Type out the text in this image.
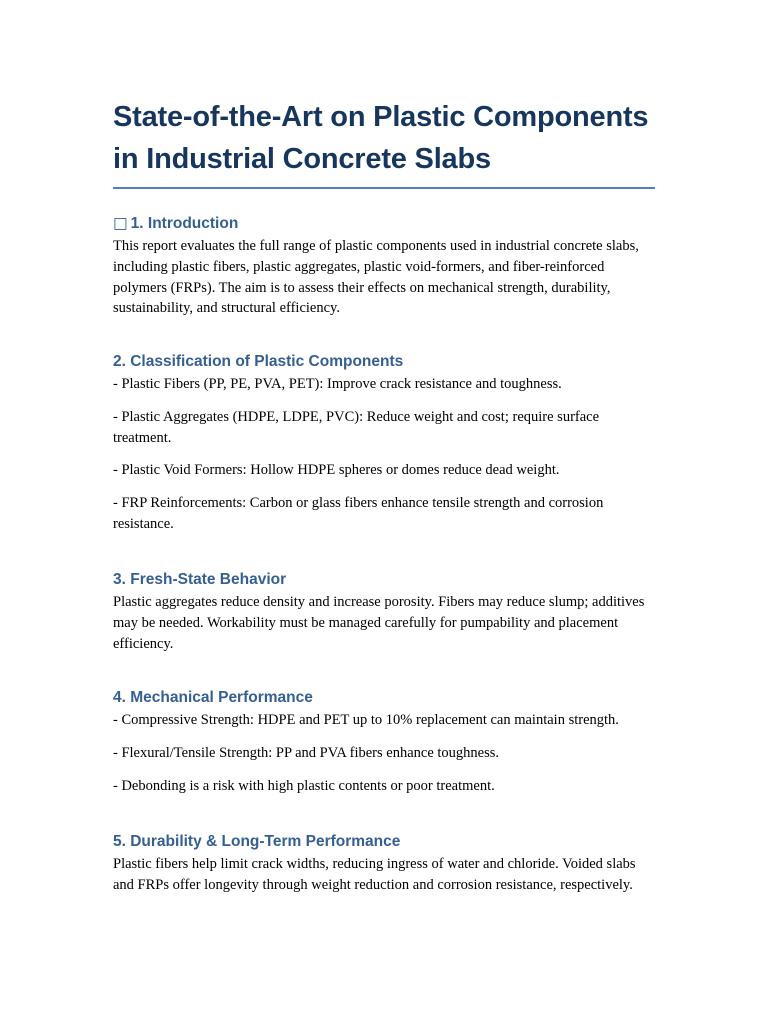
State-of-the-Art on Plastic Components in Industrial Concrete Slabs
□ 1. Introduction

This report evaluates the full range of plastic components used in industrial concrete slabs, including plastic fibers, plastic aggregates, plastic void-formers, and fiber-reinforced polymers (FRPs). The aim is to assess their effects on mechanical strength, durability, sustainability, and structural efficiency.

2. Classification of Plastic Components

- Plastic Fibers (PP, PE, PVA, PET): Improve crack resistance and toughness.

- Plastic Aggregates (HDPE, LDPE, PVC): Reduce weight and cost; require surface treatment.

- Plastic Void Formers: Hollow HDPE spheres or domes reduce dead weight.

- FRP Reinforcements: Carbon or glass fibers enhance tensile strength and corrosion resistance.

3. Fresh-State Behavior

Plastic aggregates reduce density and increase porosity. Fibers may reduce slump; additives may be needed. Workability must be managed carefully for pumpability and placement efficiency.

4. Mechanical Performance

- Compressive Strength: HDPE and PET up to 10% replacement can maintain strength.

- Flexural/Tensile Strength: PP and PVA fibers enhance toughness.

- Debonding is a risk with high plastic contents or poor treatment.

5. Durability & Long-Term Performance

Plastic fibers help limit crack widths, reducing ingress of water and chloride. Voided slabs and FRPs offer longevity through weight reduction and corrosion resistance, respectively.
